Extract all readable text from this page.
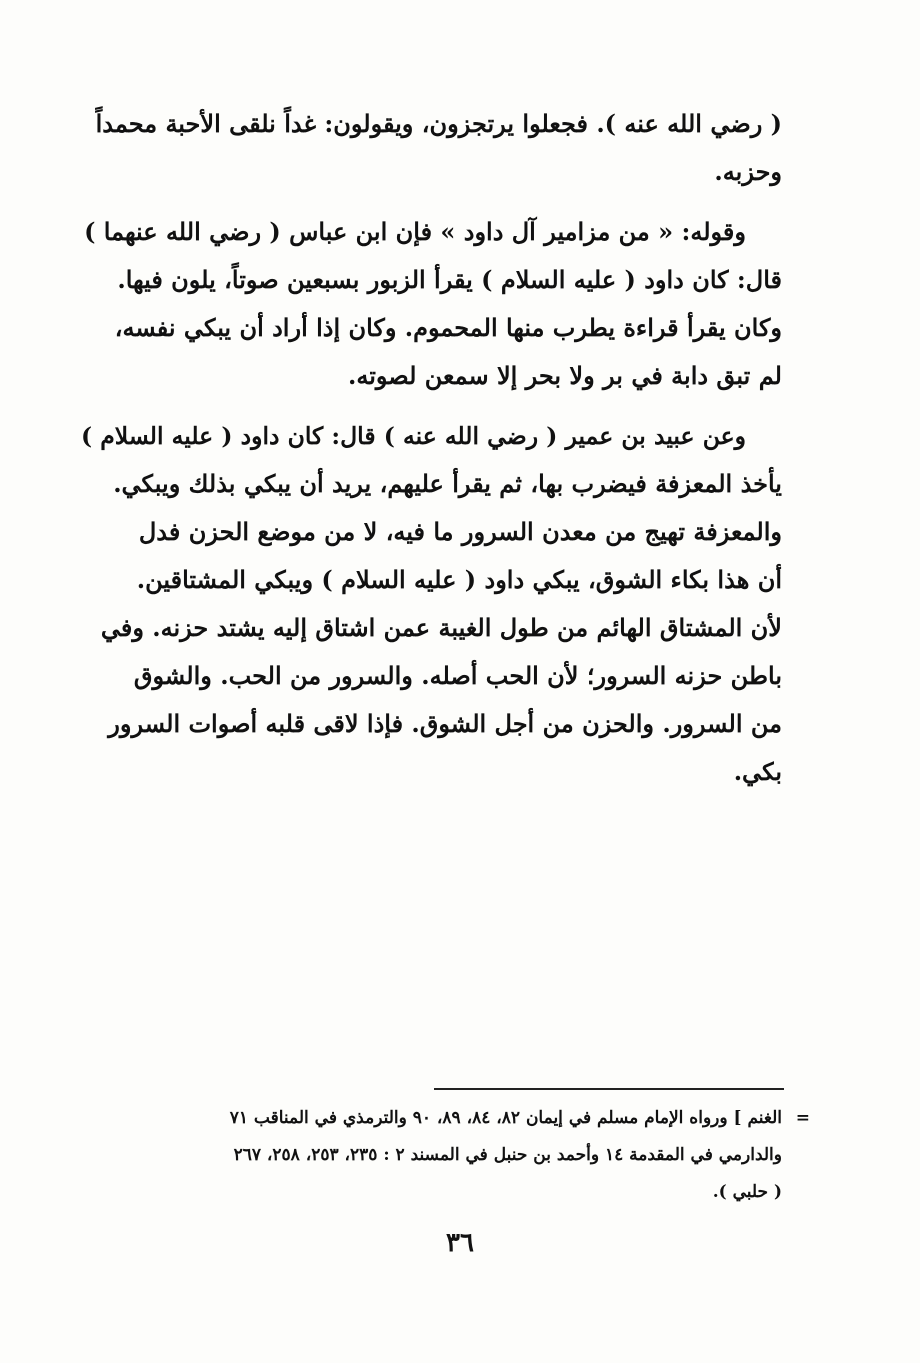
( رضي الله عنه ). فجعلوا يرتجزون، ويقولون: غداً نلقى الأحبة محمداً
وحزبه.

وقوله: « من مزامير آل داود » فإن ابن عباس ( رضي الله عنهما )
قال: كان داود ( عليه السلام ) يقرأ الزبور بسبعين صوتاً، يلون فيها.
وكان يقرأ قراءة يطرب منها المحموم. وكان إذا أراد أن يبكي نفسه،
لم تبق دابة في بر ولا بحر إلا سمعن لصوته.

وعن عبيد بن عمير ( رضي الله عنه ) قال: كان داود ( عليه السلام )
يأخذ المعزفة فيضرب بها، ثم يقرأ عليهم، يريد أن يبكي بذلك ويبكي.
والمعزفة تهيج من معدن السرور ما فيه، لا من موضع الحزن فدل
أن هذا بكاء الشوق، يبكي داود ( عليه السلام ) ويبكي المشتاقين.
لأن المشتاق الهائم من طول الغيبة عمن اشتاق إليه يشتد حزنه. وفي
باطن حزنه السرور؛ لأن الحب أصله. والسرور من الحب. والشوق
من السرور. والحزن من أجل الشوق. فإذا لاقى قلبه أصوات السرور
بكي.

=
الغنم ] ورواه الإمام مسلم في إيمان ٨٢، ٨٤، ٨٩، ٩٠ والترمذي في المناقب ٧١
والدارمي في المقدمة ١٤ وأحمد بن حنبل في المسند ٢ : ٢٣٥، ٢٥٣، ٢٥٨، ٢٦٧
( حلبي ).
٣٦
